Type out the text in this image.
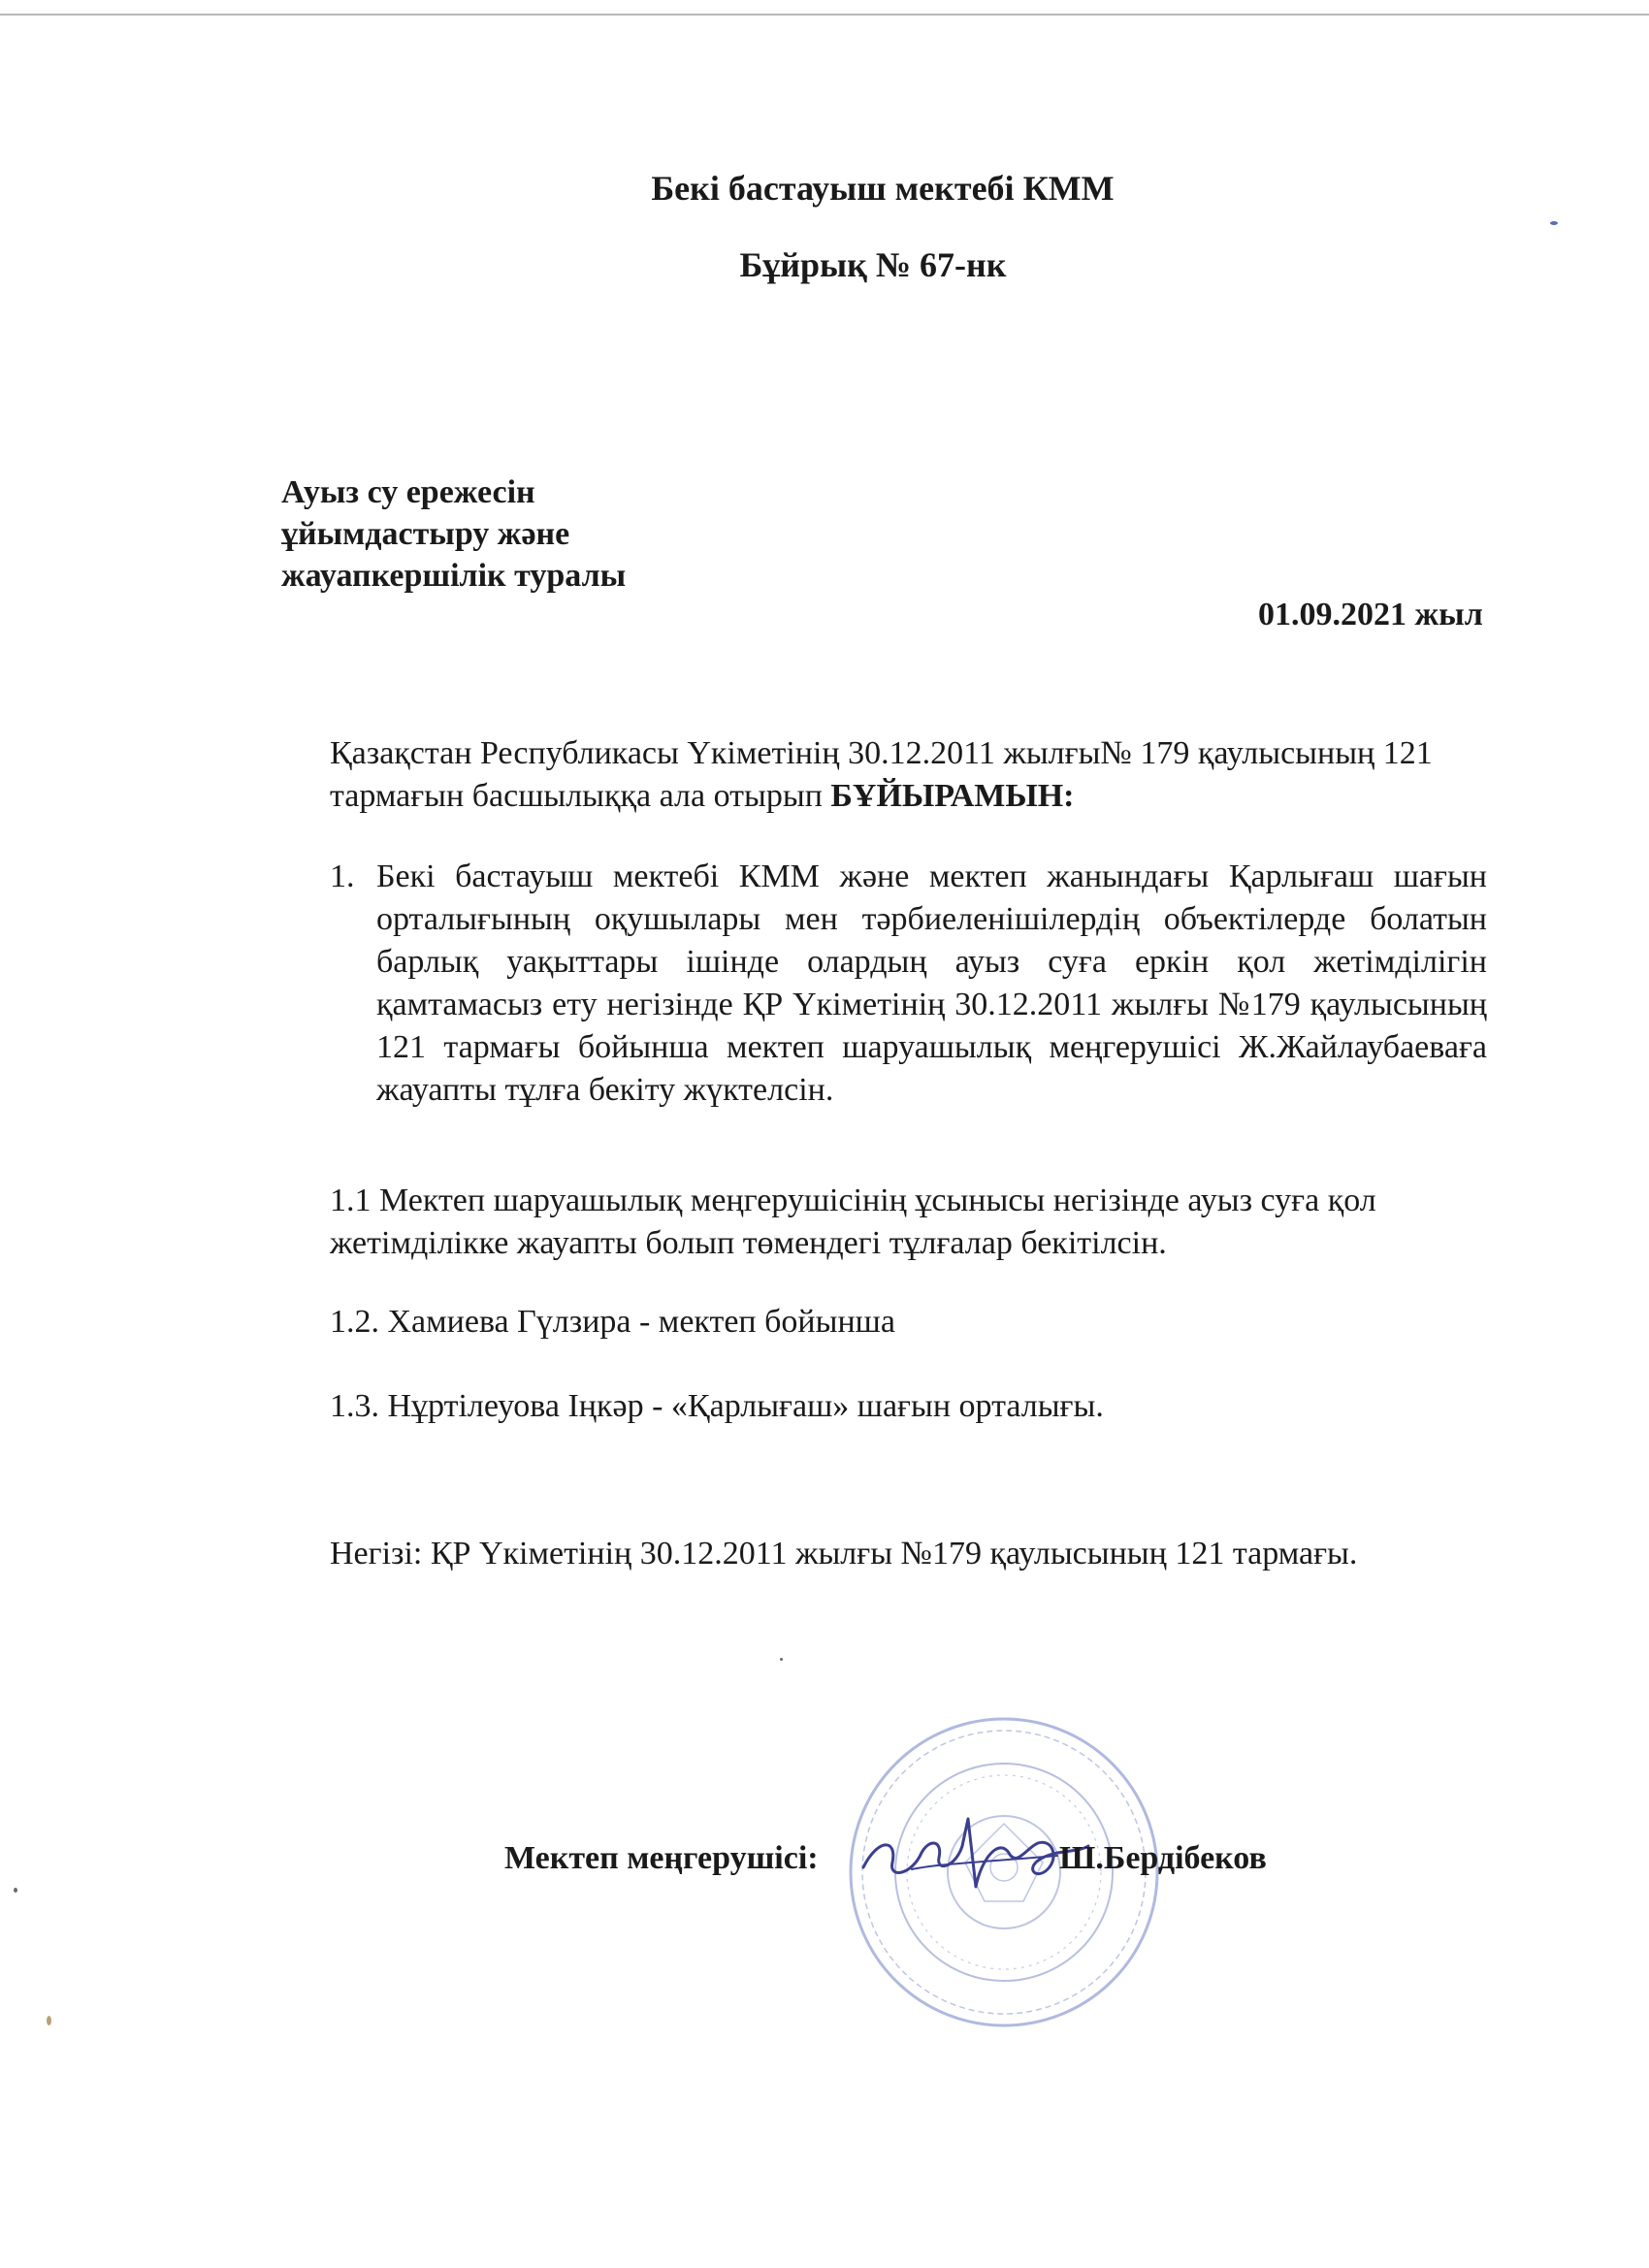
Бекі бастауыш мектебі КММ
Бұйрық № 67-нк
Ауыз су ережесін
ұйымдастыру және
жауапкершілік туралы
01.09.2021 жыл
Қазақстан Республикасы Үкіметінің 30.12.2011 жылғы№ 179 қаулысының 121 тармағын басшылыққа ала отырып БҰЙЫРАМЫН:
1. Бекі бастауыш мектебі КММ және мектеп жанындағы Қарлығаш шағын орталығының оқушылары мен тәрбиеленішілердің объектілерде болатын барлық уақыттары ішінде олардың ауыз суға еркін қол жетімділігін қамтамасыз ету негізінде ҚР Үкіметінің 30.12.2011 жылғы №179 қаулысының 121 тармағы бойынша мектеп шаруашылық меңгерушісі Ж.Жайлаубаеваға жауапты тұлға бекіту жүктелсін.
1.1 Мектеп шаруашылық меңгерушісінің ұсынысы негізінде ауыз суға қол жетімділікке жауапты болып төмендегі тұлғалар бекітілсін.
1.2. Хамиева Гүлзира - мектеп бойынша
1.3. Нұртілеуова Іңкәр - «Қарлығаш» шағын орталығы.
Негізі: ҚР Үкіметінің 30.12.2011 жылғы №179 қаулысының 121 тармағы.
Мектеп меңгерушісі:	Ш.Бердібеков
